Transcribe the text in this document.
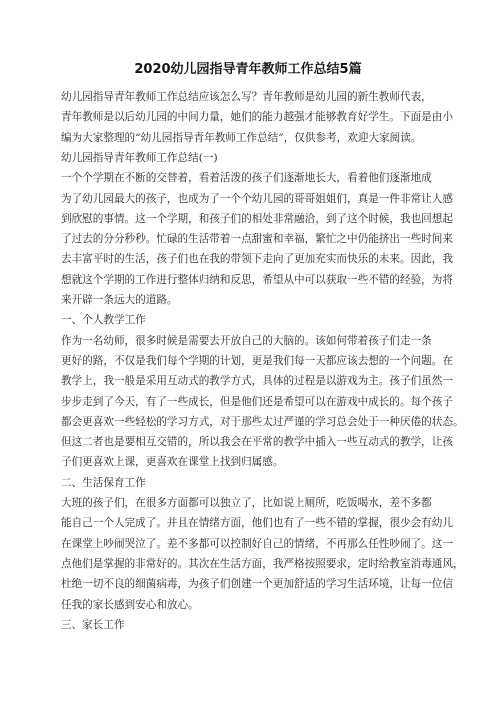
2020幼儿园指导青年教师工作总结5篇
幼儿园指导青年教师工作总结应该怎么写？青年教师是幼儿园的新生教师代表，
青年教师是以后幼儿园的中间力量，她们的能力越强才能够教育好学生。下面是由小
编为大家整理的“幼儿园指导青年教师工作总结”，仅供参考，欢迎大家阅读。
幼儿园指导青年教师工作总结(一)
一个个学期在不断的交替着，看着活泼的孩子们逐渐地长大，看着他们逐渐地成
为了幼儿园最大的孩子，也成为了一个个幼儿园的哥哥姐姐们，真是一件非常让人感
到欣慰的事情。这一个学期，和孩子们的相处非常融洽，到了这个时候，我也回想起
了过去的分分秒秒。忙碌的生活带着一点甜蜜和幸福，繁忙之中仍能挤出一些时间来
去丰富平时的生活，孩子们也在我的带领下走向了更加充实而快乐的未来。因此，我
想就这个学期的工作进行整体归纳和反思，希望从中可以获取一些不错的经验，为将
来开辟一条远大的道路。
一、个人教学工作
作为一名幼师，很多时候是需要去开放自己的大脑的。该如何带着孩子们走一条
更好的路，不仅是我们每个学期的计划，更是我们每一天都应该去想的一个问题。在
教学上，我一般是采用互动式的教学方式，具体的过程是以游戏为主。孩子们虽然一
步步走到了今天，有了一些成长，但是他们还是希望可以在游戏中成长的。每个孩子
都会更喜欢一些轻松的学习方式，对于那些太过严谨的学习总会处于一种厌倦的状态。
但这二者也是要相互交错的，所以我会在平常的教学中插入一些互动式的教学，让孩
子们更喜欢上课，更喜欢在课堂上找到归属感。
二、生活保育工作
大班的孩子们，在很多方面都可以独立了，比如说上厕所，吃饭喝水，差不多都
能自己一个人完成了。并且在情绪方面，他们也有了一些不错的掌握，很少会有幼儿
在课堂上吵闹哭泣了。差不多都可以控制好自己的情绪，不再那么任性吵闹了。这一
点他们是掌握的非常好的。其次在生活方面，我严格按照要求，定时给教室消毒通风，
杜绝一切不良的细菌病毒，为孩子们创建一个更加舒适的学习生活环境，让每一位信
任我的家长感到安心和放心。
三、家长工作
